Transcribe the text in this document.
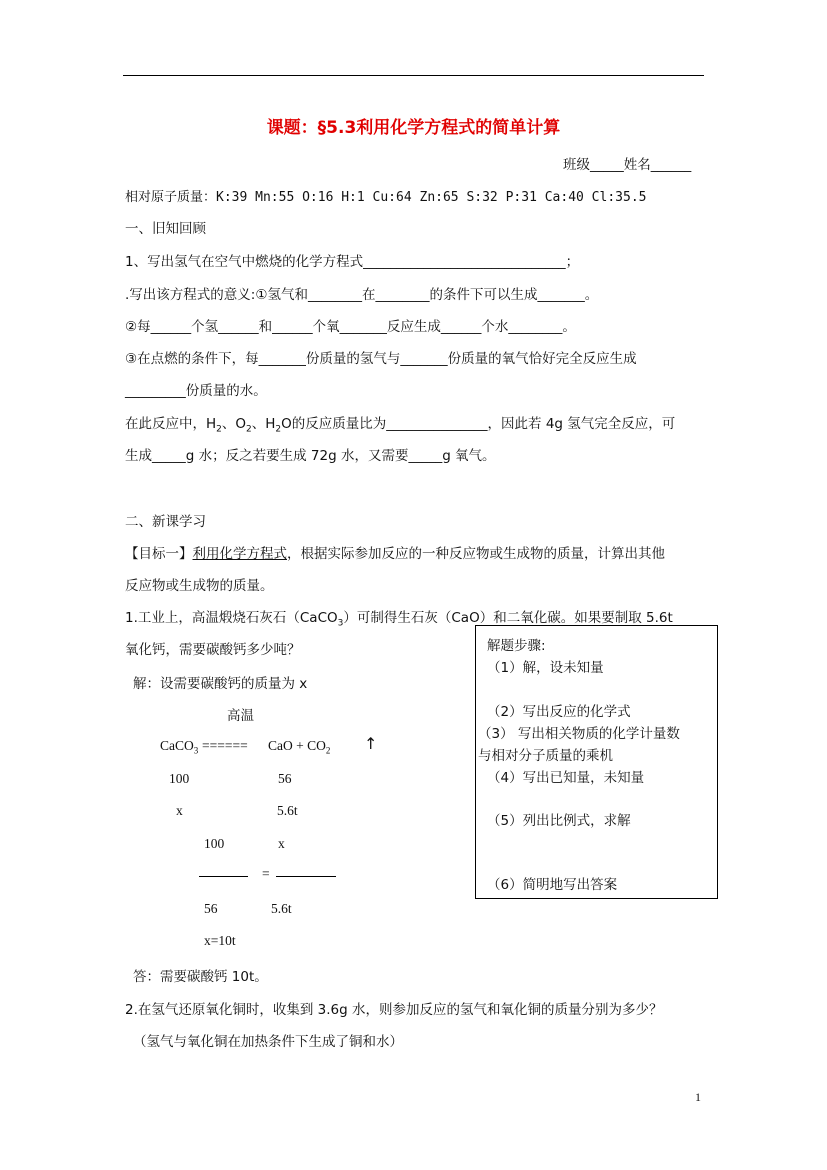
课题：§5.3利用化学方程式的简单计算
班级_____姓名______
相对原子质量：K:39 Mn:55 O:16 H:1 Cu:64 Zn:65 S:32 P:31 Ca:40 Cl:35.5
一、旧知回顾
1、写出氢气在空气中燃烧的化学方程式______________________________；
.写出该方程式的意义:①氢气和________在________的条件下可以生成_______。
②每______个氢______和______个氧_______反应生成______个水________。
③在点燃的条件下，每_______份质量的氢气与_______份质量的氧气恰好完全反应生成
_________份质量的水。
在此反应中，$H_2$、$O_2$、$H_2O$的反应质量比为_______________，因此若 4g 氢气完全反应，可
生成_____g 水；反之若要生成 72g 水，又需要_____g 氧气。
二、新课学习
【目标一】利用化学方程式，根据实际参加反应的一种反应物或生成物的质量，计算出其他
反应物或生成物的质量。
1.工业上，高温煅烧石灰石（CaCO$_3$）可制得生石灰（CaO）和二氧化碳。如果要制取 5.6t
氧化钙，需要碳酸钙多少吨？
解：设需要碳酸钙的质量为 x
高温
CaCO$_3$ ====== CaO + $CO_2$ ↑
100	56
x	5.6t
100	x
=
56	5.6t
x=10t
答：需要碳酸钙 10t。
解题步骤:
（1）解，设未知量
（2）写出反应的化学式
（3） 写出相关物质的化学计量数
与相对分子质量的乘机
（4）写出已知量，未知量
（5）列出比例式，求解
（6）简明地写出答案
2.在氢气还原氧化铜时，收集到 3.6g 水，则参加反应的氢气和氧化铜的质量分别为多少？
（氢气与氧化铜在加热条件下生成了铜和水）
1
